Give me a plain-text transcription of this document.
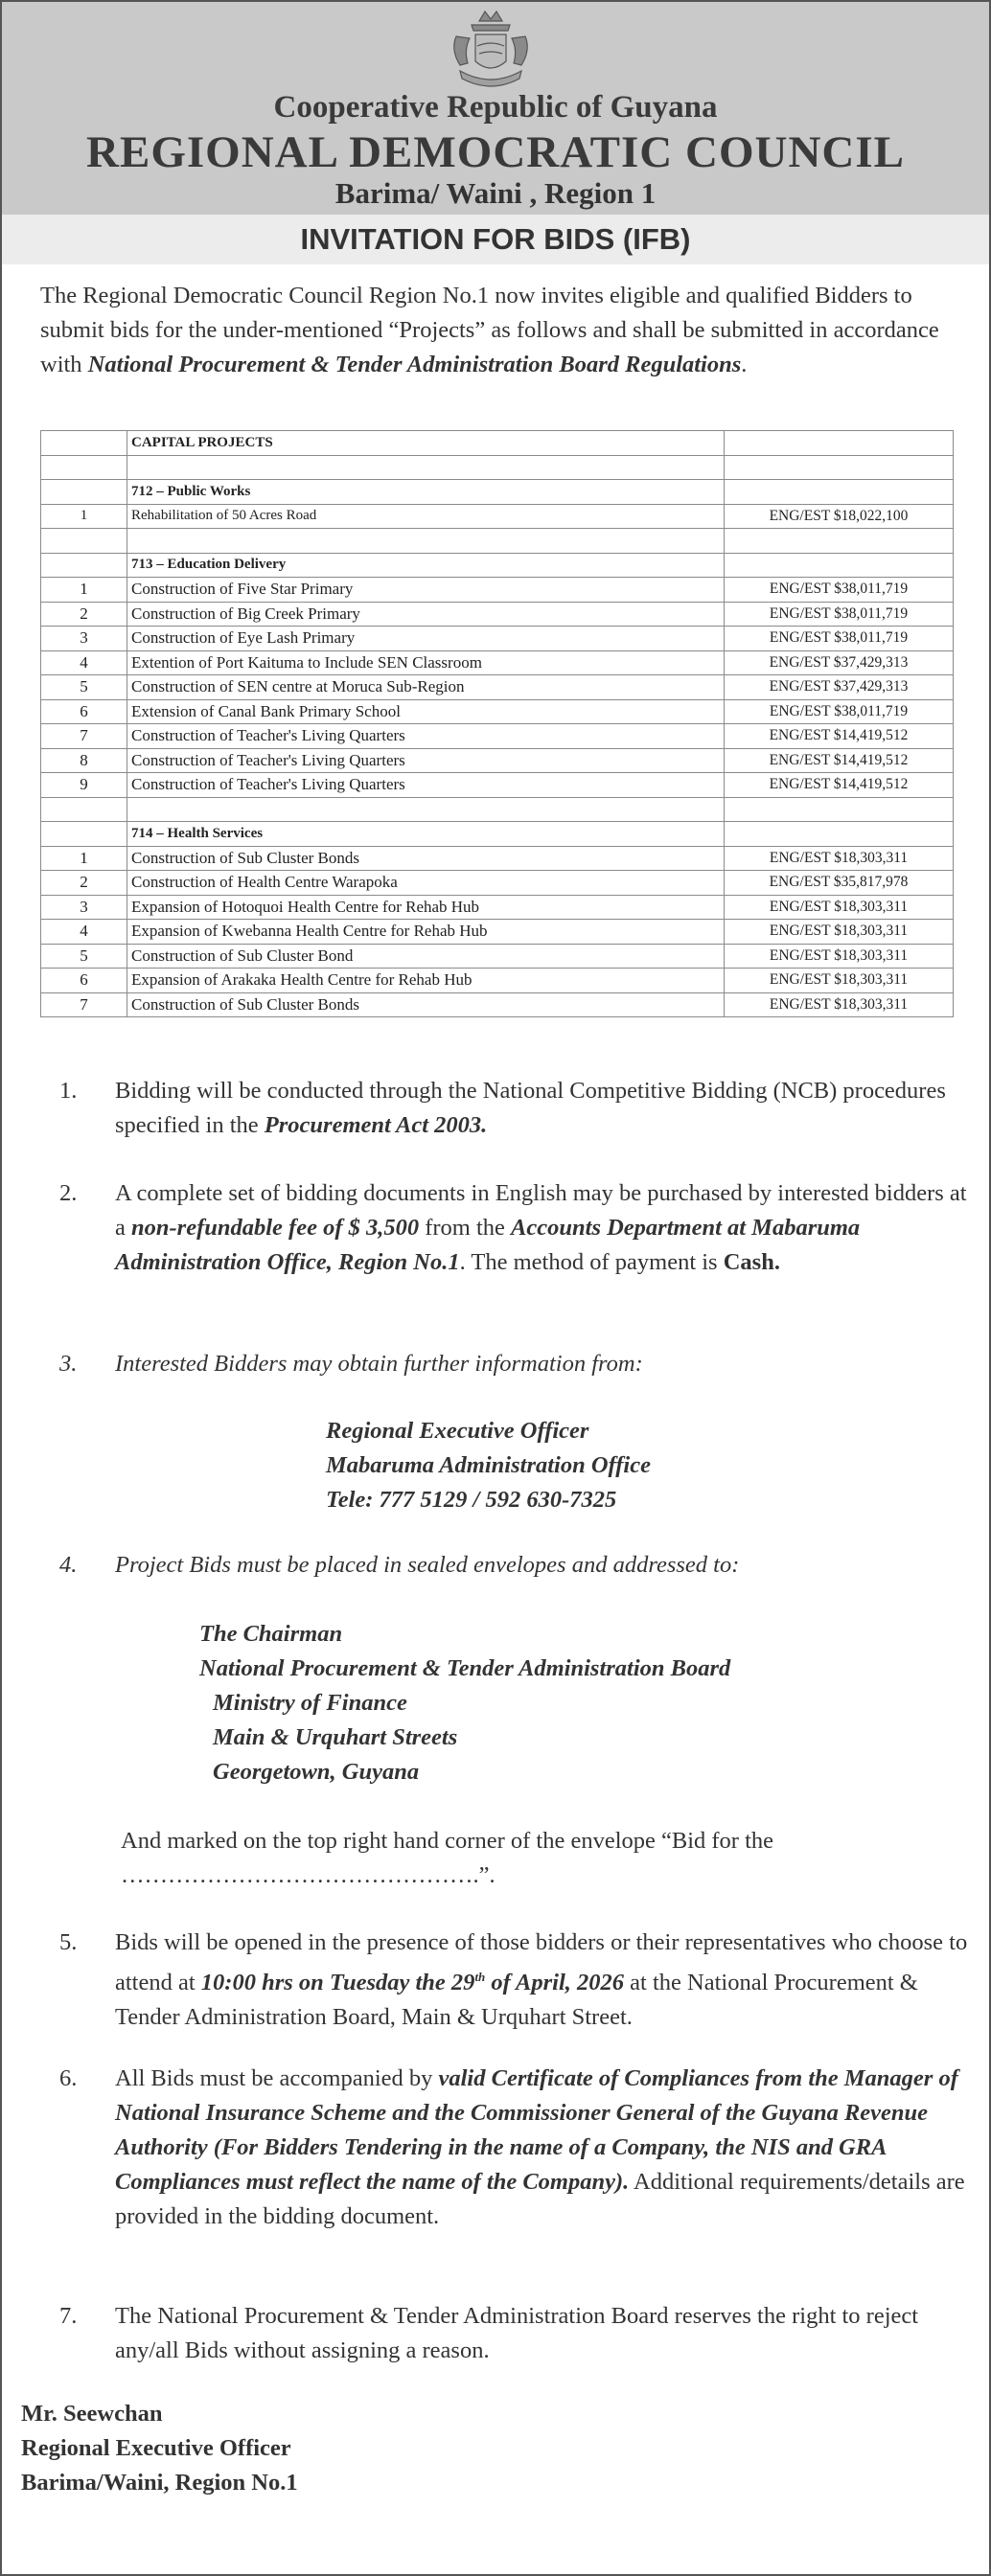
Cooperative Republic of Guyana
REGIONAL DEMOCRATIC COUNCIL
Barima/ Waini , Region 1
INVITATION FOR BIDS (IFB)
The Regional Democratic Council Region No.1 now invites eligible and qualified Bidders to submit bids for the under-mentioned “Projects” as follows and shall be submitted in accordance with National Procurement & Tender Administration Board Regulations.
	CAPITAL PROJECTS	

	712 – Public Works	
1	Rehabilitation of 50 Acres Road	ENG/EST $18,022,100

	713 – Education Delivery	
1	Construction of Five Star Primary	ENG/EST $38,011,719
2	Construction of Big Creek Primary	ENG/EST $38,011,719
3	Construction of Eye Lash Primary	ENG/EST $38,011,719
4	Extention of Port Kaituma to Include SEN Classroom	ENG/EST $37,429,313
5	Construction of SEN centre at Moruca Sub-Region	ENG/EST $37,429,313
6	Extension of Canal Bank Primary School	ENG/EST $38,011,719
7	Construction of Teacher's Living Quarters	ENG/EST $14,419,512
8	Construction of Teacher's Living Quarters	ENG/EST $14,419,512
9	Construction of Teacher's Living Quarters	ENG/EST $14,419,512

	714 – Health Services	
1	Construction of Sub Cluster Bonds	ENG/EST $18,303,311
2	Construction of Health Centre Warapoka	ENG/EST $35,817,978
3	Expansion of Hotoquoi Health Centre for Rehab Hub	ENG/EST $18,303,311
4	Expansion of Kwebanna Health Centre for Rehab Hub	ENG/EST $18,303,311
5	Construction of Sub Cluster Bond	ENG/EST $18,303,311
6	Expansion of Arakaka Health Centre for Rehab Hub	ENG/EST $18,303,311
7	Construction of Sub Cluster Bonds	ENG/EST $18,303,311
1.	Bidding will be conducted through the National Competitive Bidding (NCB) procedures specified in the Procurement Act 2003.
2.	A complete set of bidding documents in English may be purchased by interested bidders at a non-refundable fee of $ 3,500 from the Accounts Department at Mabaruma Administration Office, Region No.1. The method of payment is Cash.
3.	Interested Bidders may obtain further information from:
Regional Executive Officer
Mabaruma Administration Office
Tele: 777 5129 / 592 630-7325
4.	Project Bids must be placed in sealed envelopes and addressed to:
The Chairman
National Procurement & Tender Administration Board
Ministry of Finance
Main & Urquhart Streets
Georgetown, Guyana
And marked on the top right hand corner of the envelope “Bid for the ……………………………………….”.
5.	Bids will be opened in the presence of those bidders or their representatives who choose to attend at 10:00 hrs on Tuesday the 29th of April, 2026 at the National Procurement & Tender Administration Board, Main & Urquhart Street.
6.	All Bids must be accompanied by valid Certificate of Compliances from the Manager of National Insurance Scheme and the Commissioner General of the Guyana Revenue Authority (For Bidders Tendering in the name of a Company, the NIS and GRA Compliances must reflect the name of the Company). Additional requirements/details are provided in the bidding document.
7.	The National Procurement & Tender Administration Board reserves the right to reject any/all Bids without assigning a reason.
Mr. Seewchan
Regional Executive Officer
Barima/Waini, Region No.1
